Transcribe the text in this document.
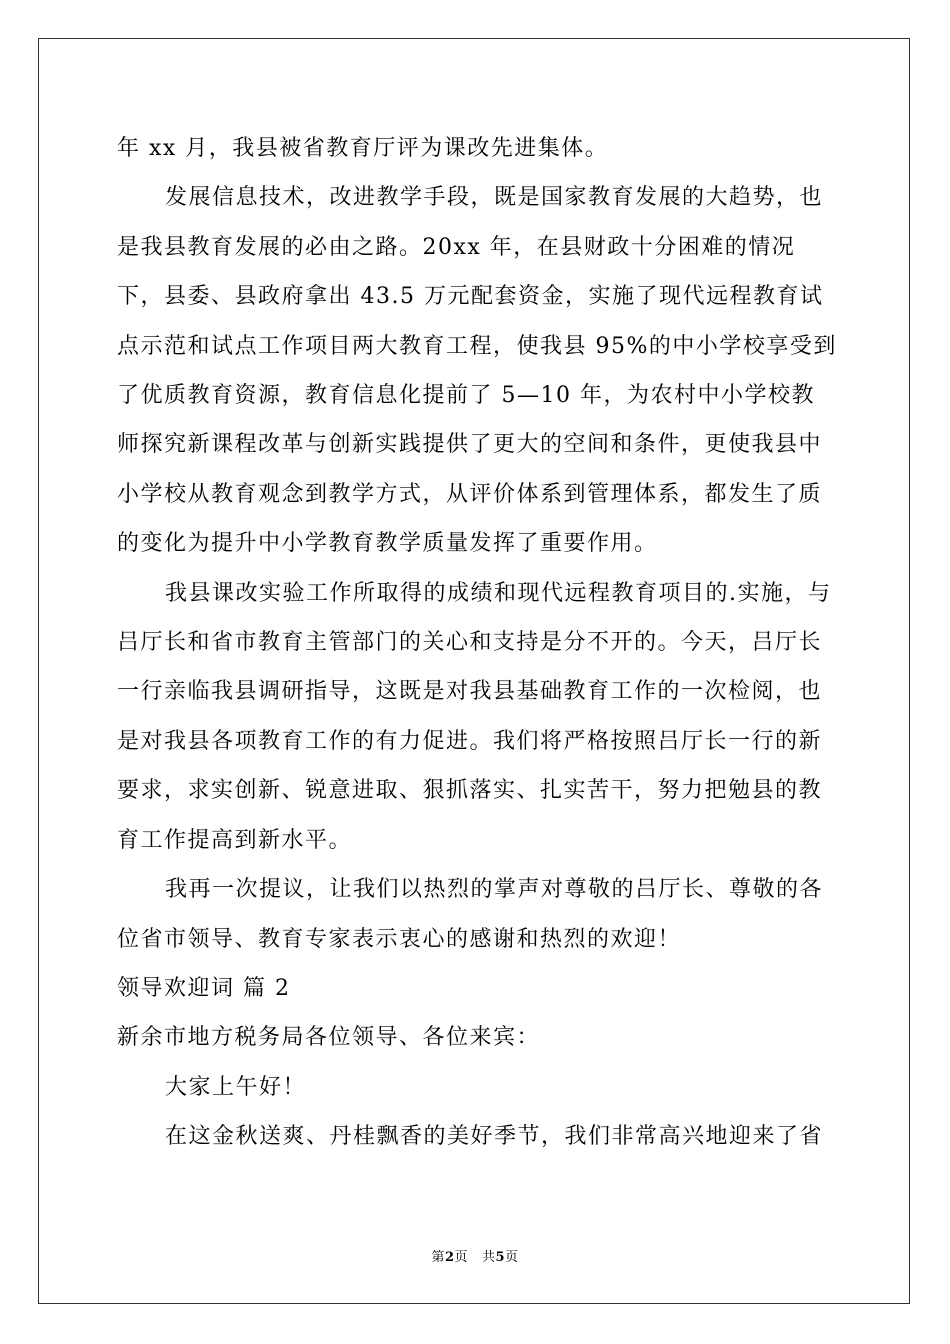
年 xx 月，我县被省教育厅评为课改先进集体。

发展信息技术，改进教学手段，既是国家教育发展的大趋势，也是我县教育发展的必由之路。20xx 年，在县财政十分困难的情况下，县委、县政府拿出 43.5 万元配套资金，实施了现代远程教育试点示范和试点工作项目两大教育工程，使我县 95%的中小学校享受到了优质教育资源，教育信息化提前了 5—10 年，为农村中小学校教师探究新课程改革与创新实践提供了更大的空间和条件，更使我县中小学校从教育观念到教学方式，从评价体系到管理体系，都发生了质的变化为提升中小学教育教学质量发挥了重要作用。

我县课改实验工作所取得的成绩和现代远程教育项目的.实施，与吕厅长和省市教育主管部门的关心和支持是分不开的。今天，吕厅长一行亲临我县调研指导，这既是对我县基础教育工作的一次检阅，也是对我县各项教育工作的有力促进。我们将严格按照吕厅长一行的新要求，求实创新、锐意进取、狠抓落实、扎实苦干，努力把勉县的教育工作提高到新水平。

我再一次提议，让我们以热烈的掌声对尊敬的吕厅长、尊敬的各位省市领导、教育专家表示衷心的感谢和热烈的欢迎！

领导欢迎词 篇 2

新余市地方税务局各位领导、各位来宾：

大家上午好！

在这金秋送爽、丹桂飘香的美好季节，我们非常高兴地迎来了省

第2页 共5页
